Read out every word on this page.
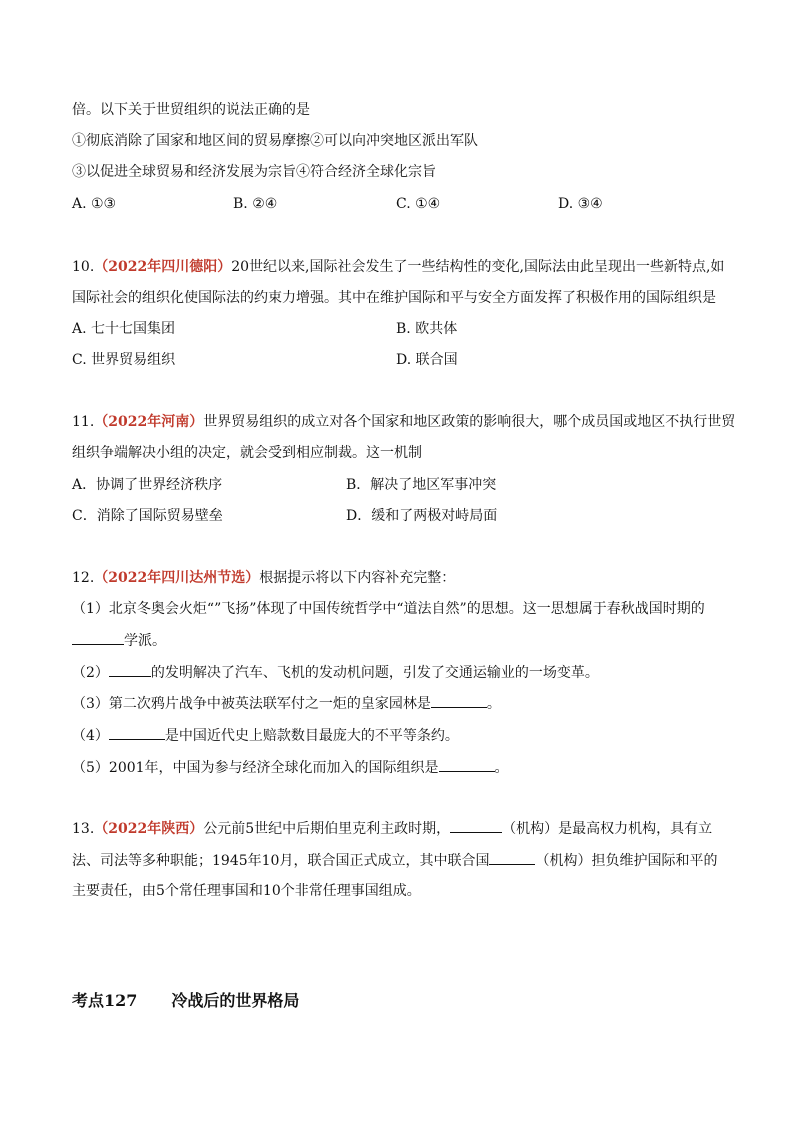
倍。以下关于世贸组织的说法正确的是
①彻底消除了国家和地区间的贸易摩擦②可以向冲突地区派出军队
③以促进全球贸易和经济发展为宗旨④符合经济全球化宗旨
A. ①③	B. ②④	C. ①④	D. ③④
10.（2022年四川德阳）20世纪以来,国际社会发生了一些结构性的变化,国际法由此呈现出一些新特点,如
国际社会的组织化使国际法的约束力增强。其中在维护国际和平与安全方面发挥了积极作用的国际组织是
A. 七十七国集团	B. 欧共体
C. 世界贸易组织	D. 联合国
11.（2022年河南）世界贸易组织的成立对各个国家和地区政策的影响很大，哪个成员国或地区不执行世贸
组织争端解决小组的决定，就会受到相应制裁。这一机制
A．协调了世界经济秩序	B．解决了地区军事冲突
C．消除了国际贸易壁垒	D．缓和了两极对峙局面
12.（2022年四川达州节选）根据提示将以下内容补充完整：
（1）北京冬奥会火炬“”飞扬”体现了中国传统哲学中“道法自然”的思想。这一思想属于春秋战国时期的
学派。
（2）	的发明解决了汽车、飞机的发动机问题，引发了交通运输业的一场变革。
（3）第二次鸦片战争中被英法联军付之一炬的皇家园林是	。
（4）	是中国近代史上赔款数目最庞大的不平等条约。
（5）2001年，中国为参与经济全球化而加入的国际组织是	。
13.（2022年陕西）公元前5世纪中后期伯里克利主政时期，	（机构）是最高权力机构，具有立
法、司法等多种职能；1945年10月，联合国正式成立，其中联合国	（机构）担负维护国际和平的
主要责任，由5个常任理事国和10个非常任理事国组成。
考点127 冷战后的世界格局
